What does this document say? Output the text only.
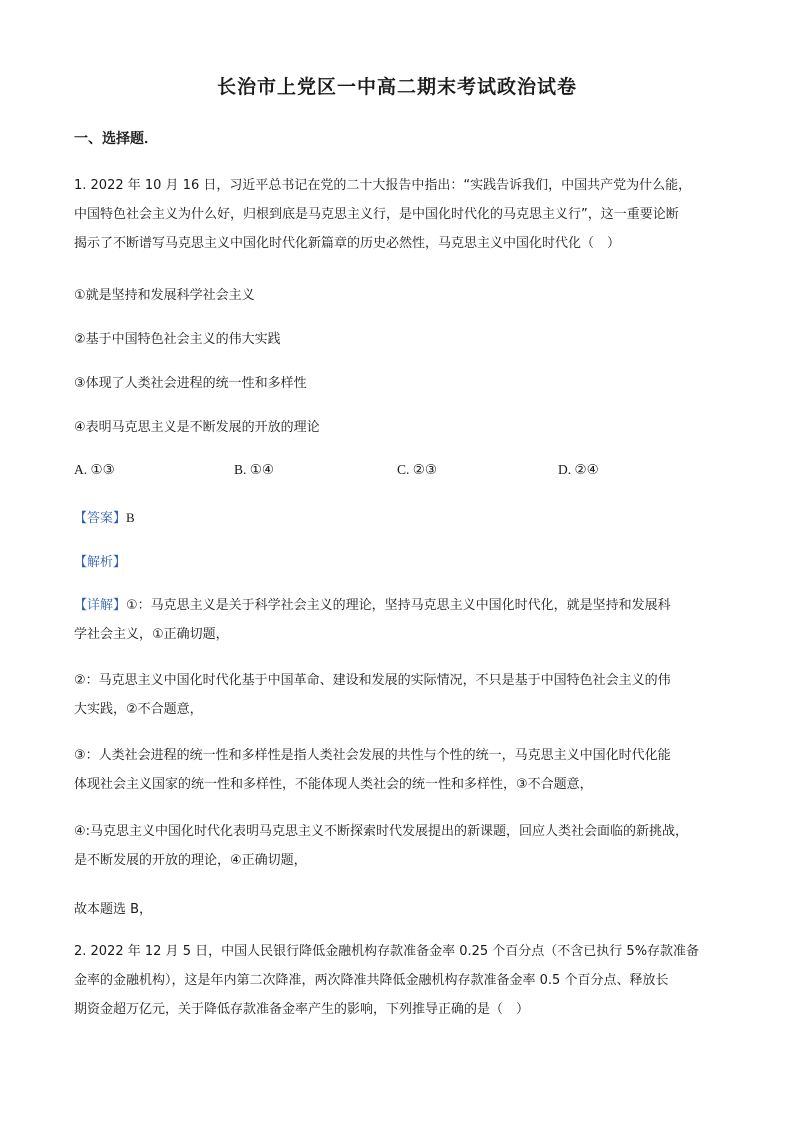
长治市上党区一中高二期末考试政治试卷
一、选择题．
1. 2022 年 10 月 16 日，习近平总书记在党的二十大报告中指出：“实践告诉我们，中国共产党为什么能，
中国特色社会主义为什么好，归根到底是马克思主义行，是中国化时代化的马克思主义行”，这一重要论断
揭示了不断谱写马克思主义中国化时代化新篇章的历史必然性，马克思主义中国化时代化（　）
①就是坚持和发展科学社会主义
②基于中国特色社会主义的伟大实践
③体现了人类社会进程的统一性和多样性
④表明马克思主义是不断发展的开放的理论
A. ①③	B. ①④	C. ②③	D. ②④
【答案】B
【解析】
【详解】①：马克思主义是关于科学社会主义的理论，坚持马克思主义中国化时代化，就是坚持和发展科
学社会主义，①正确切题，
②：马克思主义中国化时代化基于中国革命、建设和发展的实际情况，不只是基于中国特色社会主义的伟
大实践，②不合题意，
③：人类社会进程的统一性和多样性是指人类社会发展的共性与个性的统一，马克思主义中国化时代化能
体现社会主义国家的统一性和多样性，不能体现人类社会的统一性和多样性，③不合题意，
④:马克思主义中国化时代化表明马克思主义不断探索时代发展提出的新课题，回应人类社会面临的新挑战，
是不断发展的开放的理论，④正确切题，
故本题选 B，
2. 2022 年 12 月 5 日，中国人民银行降低金融机构存款准备金率 0.25 个百分点（不含已执行 5%存款准备
金率的金融机构），这是年内第二次降准，两次降准共降低金融机构存款准备金率 0.5 个百分点、释放长
期资金超万亿元，关于降低存款准备金率产生的影响，下列推导正确的是（　）
